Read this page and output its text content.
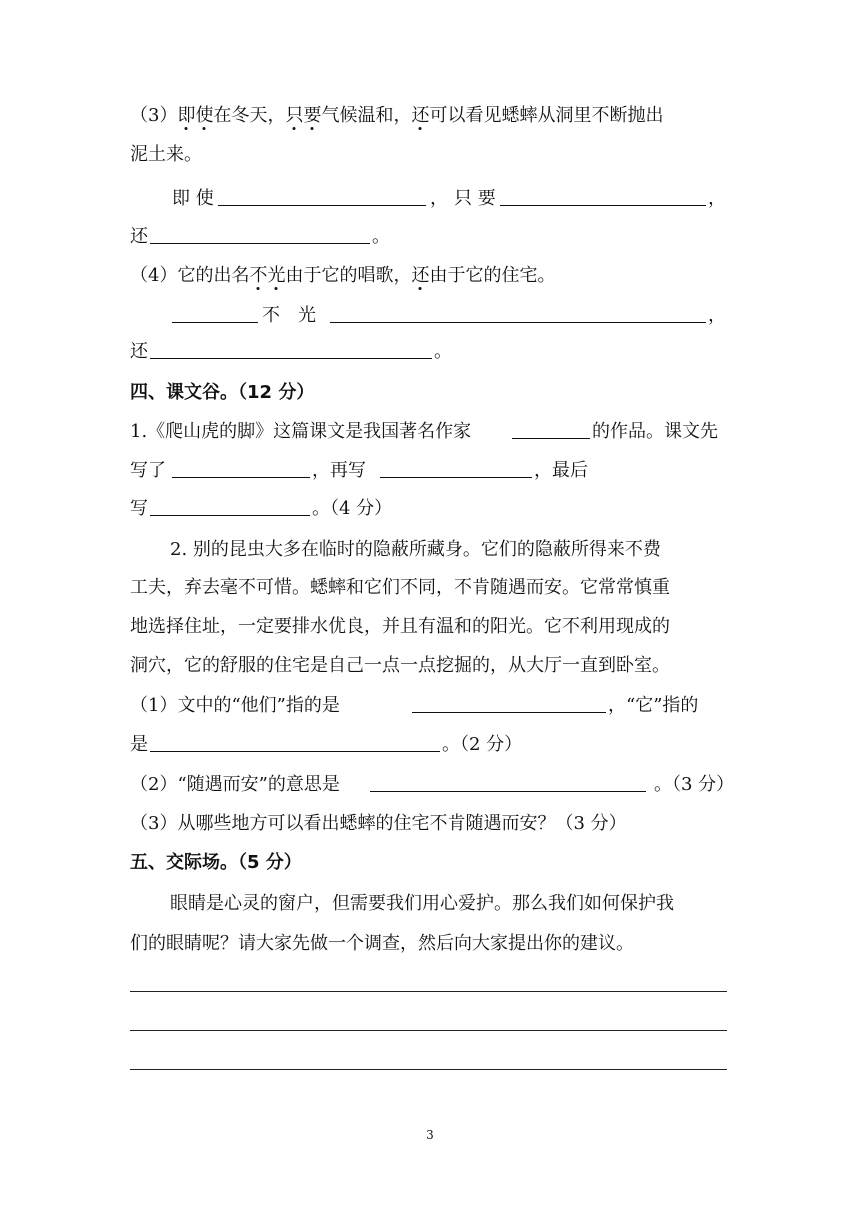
（3）即使在冬天，只要气候温和，还可以看见蟋蟀从洞里不断抛出
泥土来。
即 使	， 只 要	，
还	。
（4）它的出名不光由于它的唱歌，还由于它的住宅。
不　光	，
还	。
四、课文谷。（12 分）
1.《爬山虎的脚》这篇课文是我国著名作家	的作品。课文先
写了	，再写	，最后
写	。（4 分）
2. 别的昆虫大多在临时的隐蔽所藏身。它们的隐蔽所得来不费
工夫，弃去毫不可惜。蟋蟀和它们不同，不肯随遇而安。它常常慎重
地选择住址，一定要排水优良，并且有温和的阳光。它不利用现成的
洞穴，它的舒服的住宅是自己一点一点挖掘的，从大厅一直到卧室。
（1）文中的“他们”指的是	，“它”指的
是	。（2 分）
（2）“随遇而安”的意思是	。（3 分）
（3）从哪些地方可以看出蟋蟀的住宅不肯随遇而安？（3 分）
五、交际场。（5 分）
眼睛是心灵的窗户，但需要我们用心爱护。那么我们如何保护我
们的眼睛呢？请大家先做一个调查，然后向大家提出你的建议。
3
